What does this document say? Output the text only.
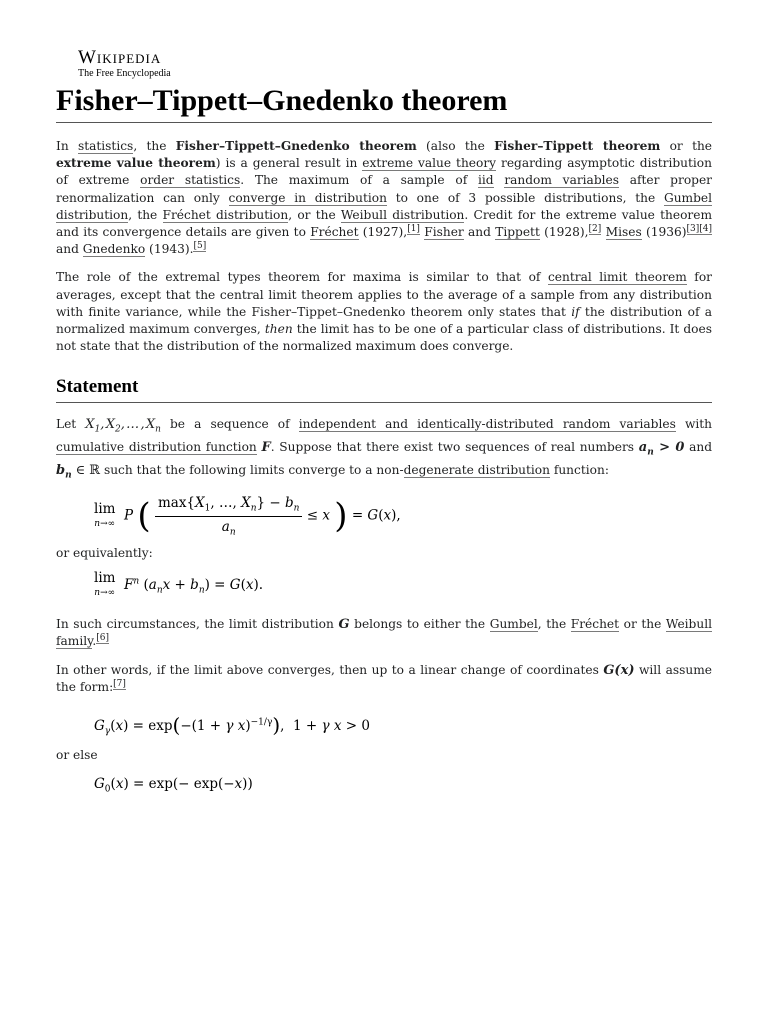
Wikipedia
The Free Encyclopedia
Fisher–Tippett–Gnedenko theorem

In statistics, the Fisher–Tippett–Gnedenko theorem (also the Fisher–Tippett theorem or the extreme value theorem) is a general result in extreme value theory regarding asymptotic distribution of extreme order statistics. The maximum of a sample of iid random variables after proper renormalization can only converge in distribution to one of 3 possible distributions, the Gumbel distribution, the Fréchet distribution, or the Weibull distribution. Credit for the extreme value theorem and its convergence details are given to Fréchet (1927),[1] Fisher and Tippett (1928),[2] Mises (1936)[3][4] and Gnedenko (1943).[5]

The role of the extremal types theorem for maxima is similar to that of central limit theorem for averages, except that the central limit theorem applies to the average of a sample from any distribution with finite variance, while the Fisher–Tippet–Gnedenko theorem only states that if the distribution of a normalized maximum converges, then the limit has to be one of a particular class of distributions. It does not state that the distribution of the normalized maximum does converge.

Statement

Let $X_1$, $X_2$, … , $X_n$ be a sequence of independent and identically-distributed random variables with cumulative distribution function F. Suppose that there exist two sequences of real numbers $a_n > 0$ and $b_n$ ∈ ℝ such that the following limits converge to a non-degenerate distribution function:

lim
n→∞  P ( $\frac{\max\{X_1, \dots, X_n\} - b_n}{a_n} \le x$ ) = G(x),

or equivalently:

lim
n→∞  $F^n$ $(a_nx + b_n) = G(x)$.

In such circumstances, the limit distribution G belongs to either the Gumbel, the Fréchet or the Weibull family.[6]

In other words, if the limit above converges, then up to a linear change of coordinates G(x) will assume the form:[7]

$G_\gamma(x) = \exp(-(1 + \gamma$ x)$^{-1/\gamma}$),  1 + γ x > 0

or else

$G_0(x) = \exp(- \exp(-x))$
